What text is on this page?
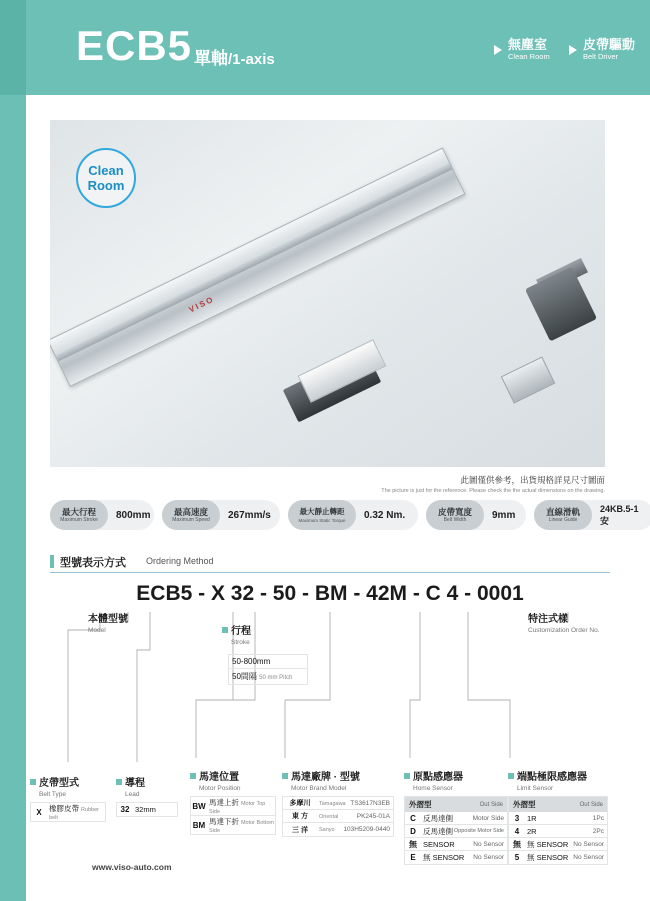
ECB5 單軸/1-axis
無塵室
Clean Room
皮帶驅動
Belt Driver
VISO
Clean
Room
此圖僅供參考，出貨規格詳見尺寸圖面
The picture is just for the reference. Please check the the actual dimensions on the drawing.
最大行程
Maximum Stroke	800mm	最高速度
Maximum Speed	267mm/s	最大靜止轉距
Maximum Static Torque	0.32 Nm.	皮帶寬度
Belt Width	9mm	直線滑軌
Linear Guide
24KB.5-1 安
型號表示方式 Ordering Method
ECB5 - X 32 - 50 - BM - 42M - C 4 - 0001
本體型號
Model	行程
Stroke
50-800mm
50間隔 50 mm Pitch
特注式樣
Customization Order No.
皮帶型式
Belt Type
X 橡膠皮帶 Rubber belt
導程
Lead
32 32mm
馬達位置
Motor Position
BW 馬達上折 Motor Top Side
BM 馬達下折 Motor Bottom Side
馬達廠牌 · 型號
Motor Brand Model
多摩川	Tamagawa TS3617N3EB
東 方	Oriental	PK245-01A
三 洋	Sanyo	103H5209-0440
原點感應器
Home Sensor
外摺型	Out Side
C 反馬達側	Motor Side
D 反馬達側 Opposite Motor Side
無 SENSOR	No Sensor
E 無 SENSOR	No Sensor
端點極限感應器
Limit Sensor
外摺型	Out Side
3	1R	1Pc
4	2R	2Pc
無 無 SENSOR No Sensor
5	無 SENSOR No Sensor
5	www.viso-auto.com
